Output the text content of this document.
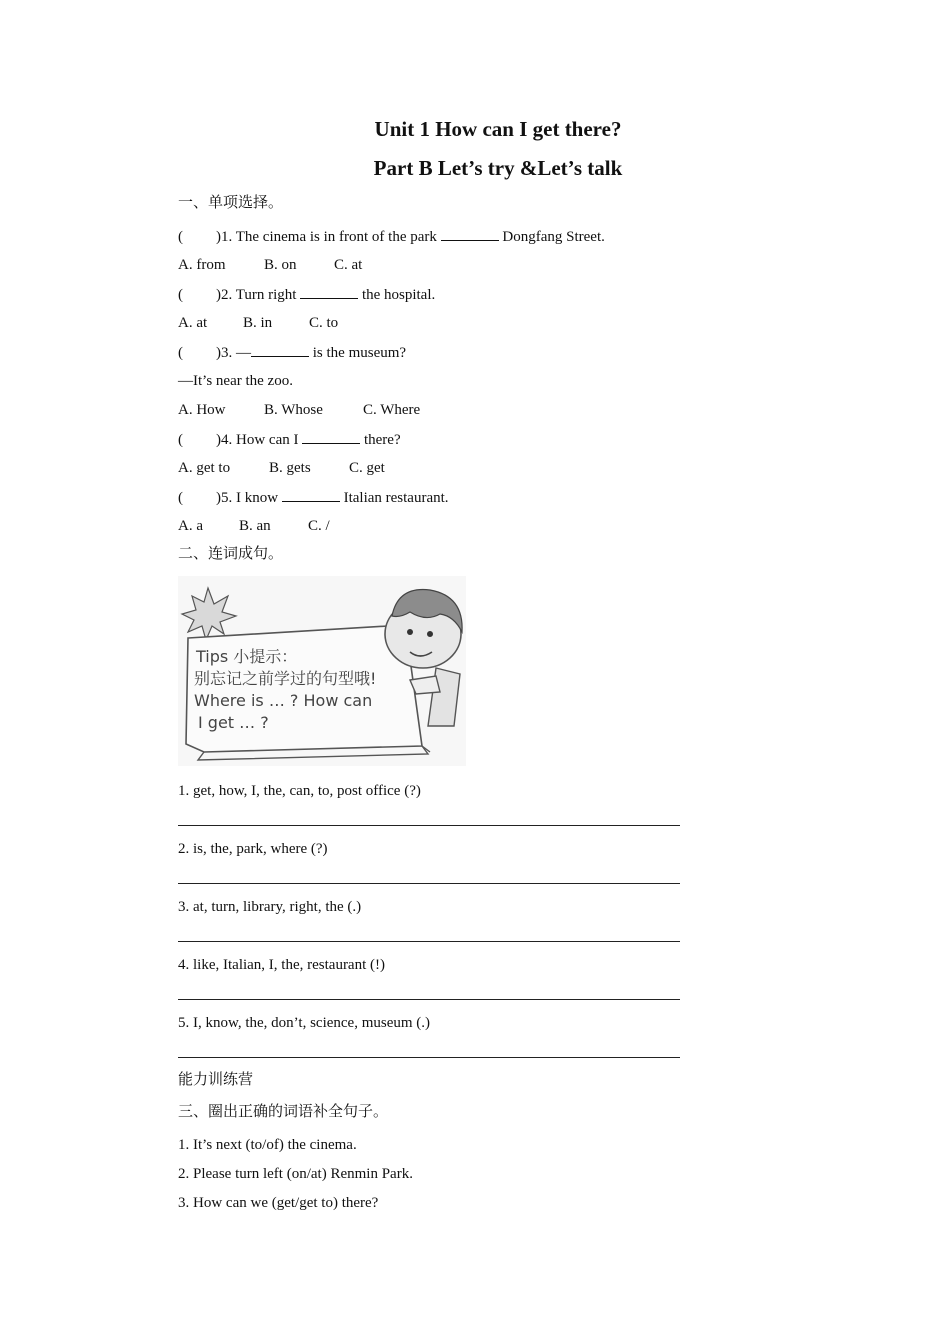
Unit 1 How can I get there?
Part B Let’s try &Let’s talk
一、单项选择。
( )1. The cinema is in front of the park	Dongfang Street.
A. from	B. on C. at
( )2. Turn right	the hospital.
A. at B. in C. to
( )3. —	is the museum?
—It’s near the zoo.
A. How	B. Whose	C. Where
( )4. How can I	there?
A. get to	B. gets	C. get
( )5. I know	Italian restaurant.
A. a B. an C. /
二、连词成句。
Tips 小提示：
别忘记之前学过的句型哦!
Where is … ? How can
I get … ?
1. get, how, I, the, can, to, post office (?)
2. is, the, park, where (?)
3. at, turn, library, right, the (.)
4. like, Italian, I, the, restaurant (!)
5. I, know, the, don’t, science, museum (.)
能力训练营
三、圈出正确的词语补全句子。
1. It’s next (to/of) the cinema.
2. Please turn left (on/at) Renmin Park.
3. How can we (get/get to) there?
